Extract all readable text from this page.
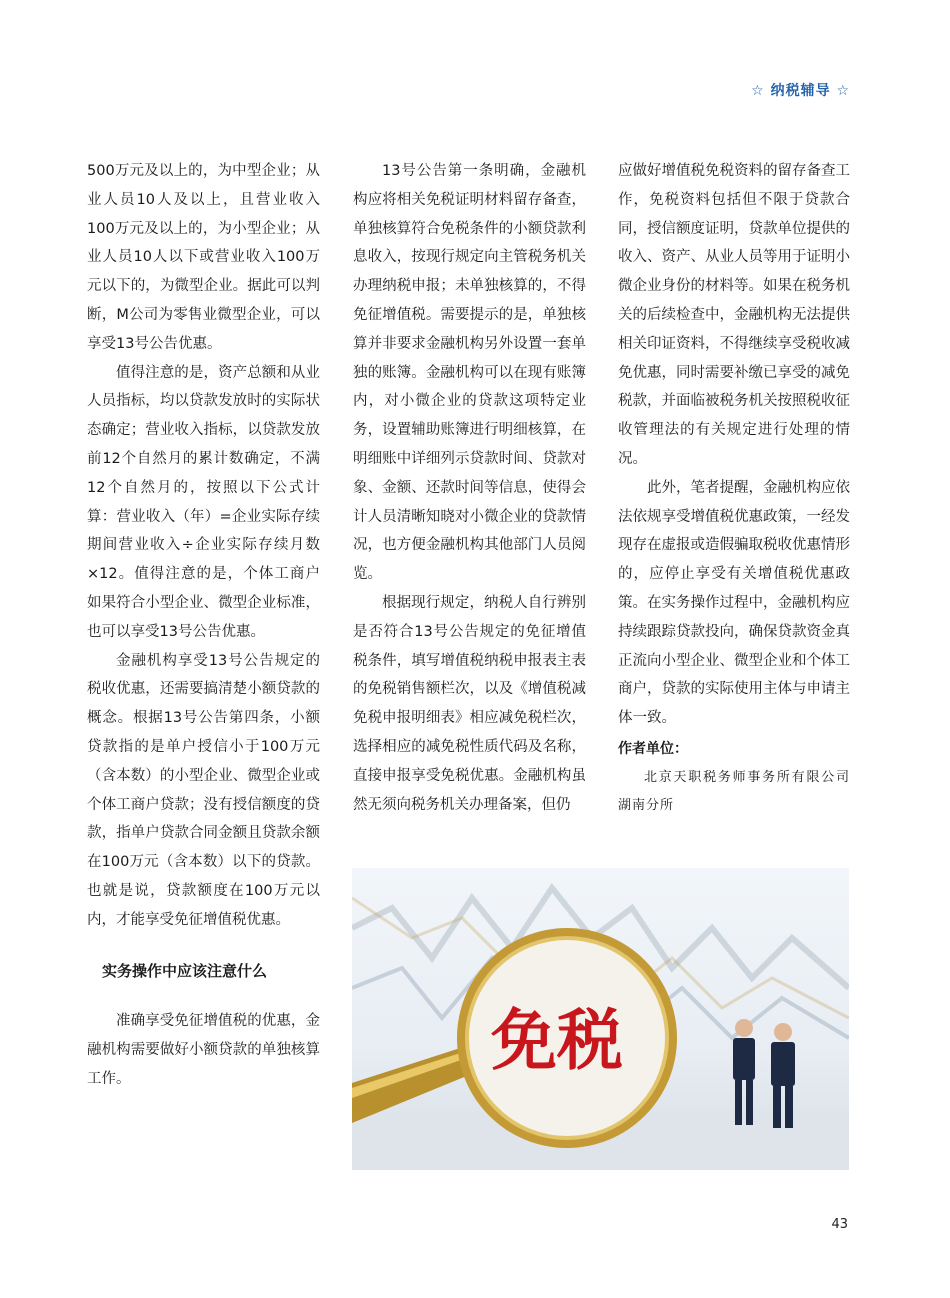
☆ 纳税辅导 ☆

500万元及以上的，为中型企业；从业人员10人及以上，且营业收入100万元及以上的，为小型企业；从业人员10人以下或营业收入100万元以下的，为微型企业。据此可以判断，M公司为零售业微型企业，可以享受13号公告优惠。

值得注意的是，资产总额和从业人员指标，均以贷款发放时的实际状态确定；营业收入指标，以贷款发放前12个自然月的累计数确定，不满12个自然月的，按照以下公式计算：营业收入（年）=企业实际存续期间营业收入÷企业实际存续月数×12。值得注意的是，个体工商户如果符合小型企业、微型企业标准，也可以享受13号公告优惠。

金融机构享受13号公告规定的税收优惠，还需要搞清楚小额贷款的概念。根据13号公告第四条，小额贷款指的是单户授信小于100万元（含本数）的小型企业、微型企业或个体工商户贷款；没有授信额度的贷款，指单户贷款合同金额且贷款余额在100万元（含本数）以下的贷款。也就是说，贷款额度在100万元以内，才能享受免征增值税优惠。

实务操作中应该注意什么

准确享受免征增值税的优惠，金融机构需要做好小额贷款的单独核算工作。

13号公告第一条明确，金融机构应将相关免税证明材料留存备查，单独核算符合免税条件的小额贷款利息收入，按现行规定向主管税务机关办理纳税申报；未单独核算的，不得免征增值税。需要提示的是，单独核算并非要求金融机构另外设置一套单独的账簿。金融机构可以在现有账簿内，对小微企业的贷款这项特定业务，设置辅助账簿进行明细核算，在明细账中详细列示贷款时间、贷款对象、金额、还款时间等信息，使得会计人员清晰知晓对小微企业的贷款情况，也方便金融机构其他部门人员阅览。

根据现行规定，纳税人自行辨别是否符合13号公告规定的免征增值税条件，填写增值税纳税申报表主表的免税销售额栏次，以及《增值税减免税申报明细表》相应减免税栏次，选择相应的减免税性质代码及名称，直接申报享受免税优惠。金融机构虽然无须向税务机关办理备案，但仍

应做好增值税免税资料的留存备查工作，免税资料包括但不限于贷款合同，授信额度证明，贷款单位提供的收入、资产、从业人员等用于证明小微企业身份的材料等。如果在税务机关的后续检查中，金融机构无法提供相关印证资料，不得继续享受税收减免优惠，同时需要补缴已享受的减免税款，并面临被税务机关按照税收征收管理法的有关规定进行处理的情况。

此外，笔者提醒，金融机构应依法依规享受增值税优惠政策，一经发现存在虚报或造假骗取税收优惠情形的，应停止享受有关增值税优惠政策。在实务操作过程中，金融机构应持续跟踪贷款投向，确保贷款资金真正流向小型企业、微型企业和个体工商户，贷款的实际使用主体与申请主体一致。

作者单位：
北京天职税务师事务所有限公司湖南分所
免税
43
